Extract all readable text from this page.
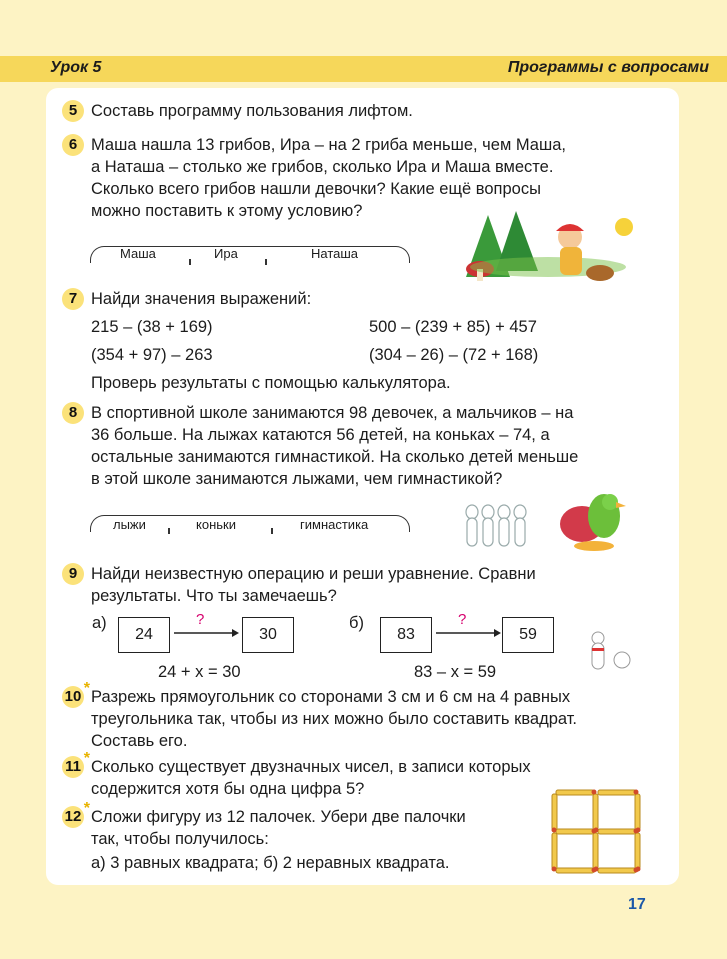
Урок 5	Программы с вопросами
5 Составь программу пользования лифтом.
6 Маша нашла 13 грибов, Ира – на 2 гриба меньше, чем Маша,
а Наташа – столько же грибов, сколько Ира и Маша вместе.
Сколько всего грибов нашли девочки? Какие ещё вопросы
можно поставить к этому условию?
Маша	Ира	Наташа
7 Найди значения выражений:
215 – (38 + 169)	500 – (239 + 85) + 457
(354 + 97) – 263	(304 – 26) – (72 + 168)
Проверь результаты с помощью калькулятора.
8 В спортивной школе занимаются 98 девочек, а мальчиков – на
36 больше. На лыжах катаются 56 детей, на коньках – 74, а
остальные занимаются гимнастикой. На сколько детей меньше
в этой школе занимаются лыжами, чем гимнастикой?
лыжи	коньки	гимнастика
9 Найди неизвестную операцию и реши уравнение. Сравни
результаты. Что ты замечаешь?
а)
24
?
30
24 + x = 30
б)
83
?
59
83 – x = 59
10 * Разрежь прямоугольник со сторонами 3 см и 6 см на 4 равных
треугольника так, чтобы из них можно было составить квадрат.
Составь его.
11 * Сколько существует двузначных чисел, в записи которых
содержится хотя бы одна цифра 5?
12 * Сложи фигуру из 12 палочек. Убери две палочки
так, чтобы получилось:
а) 3 равных квадрата; б) 2 неравных квадрата.
17
